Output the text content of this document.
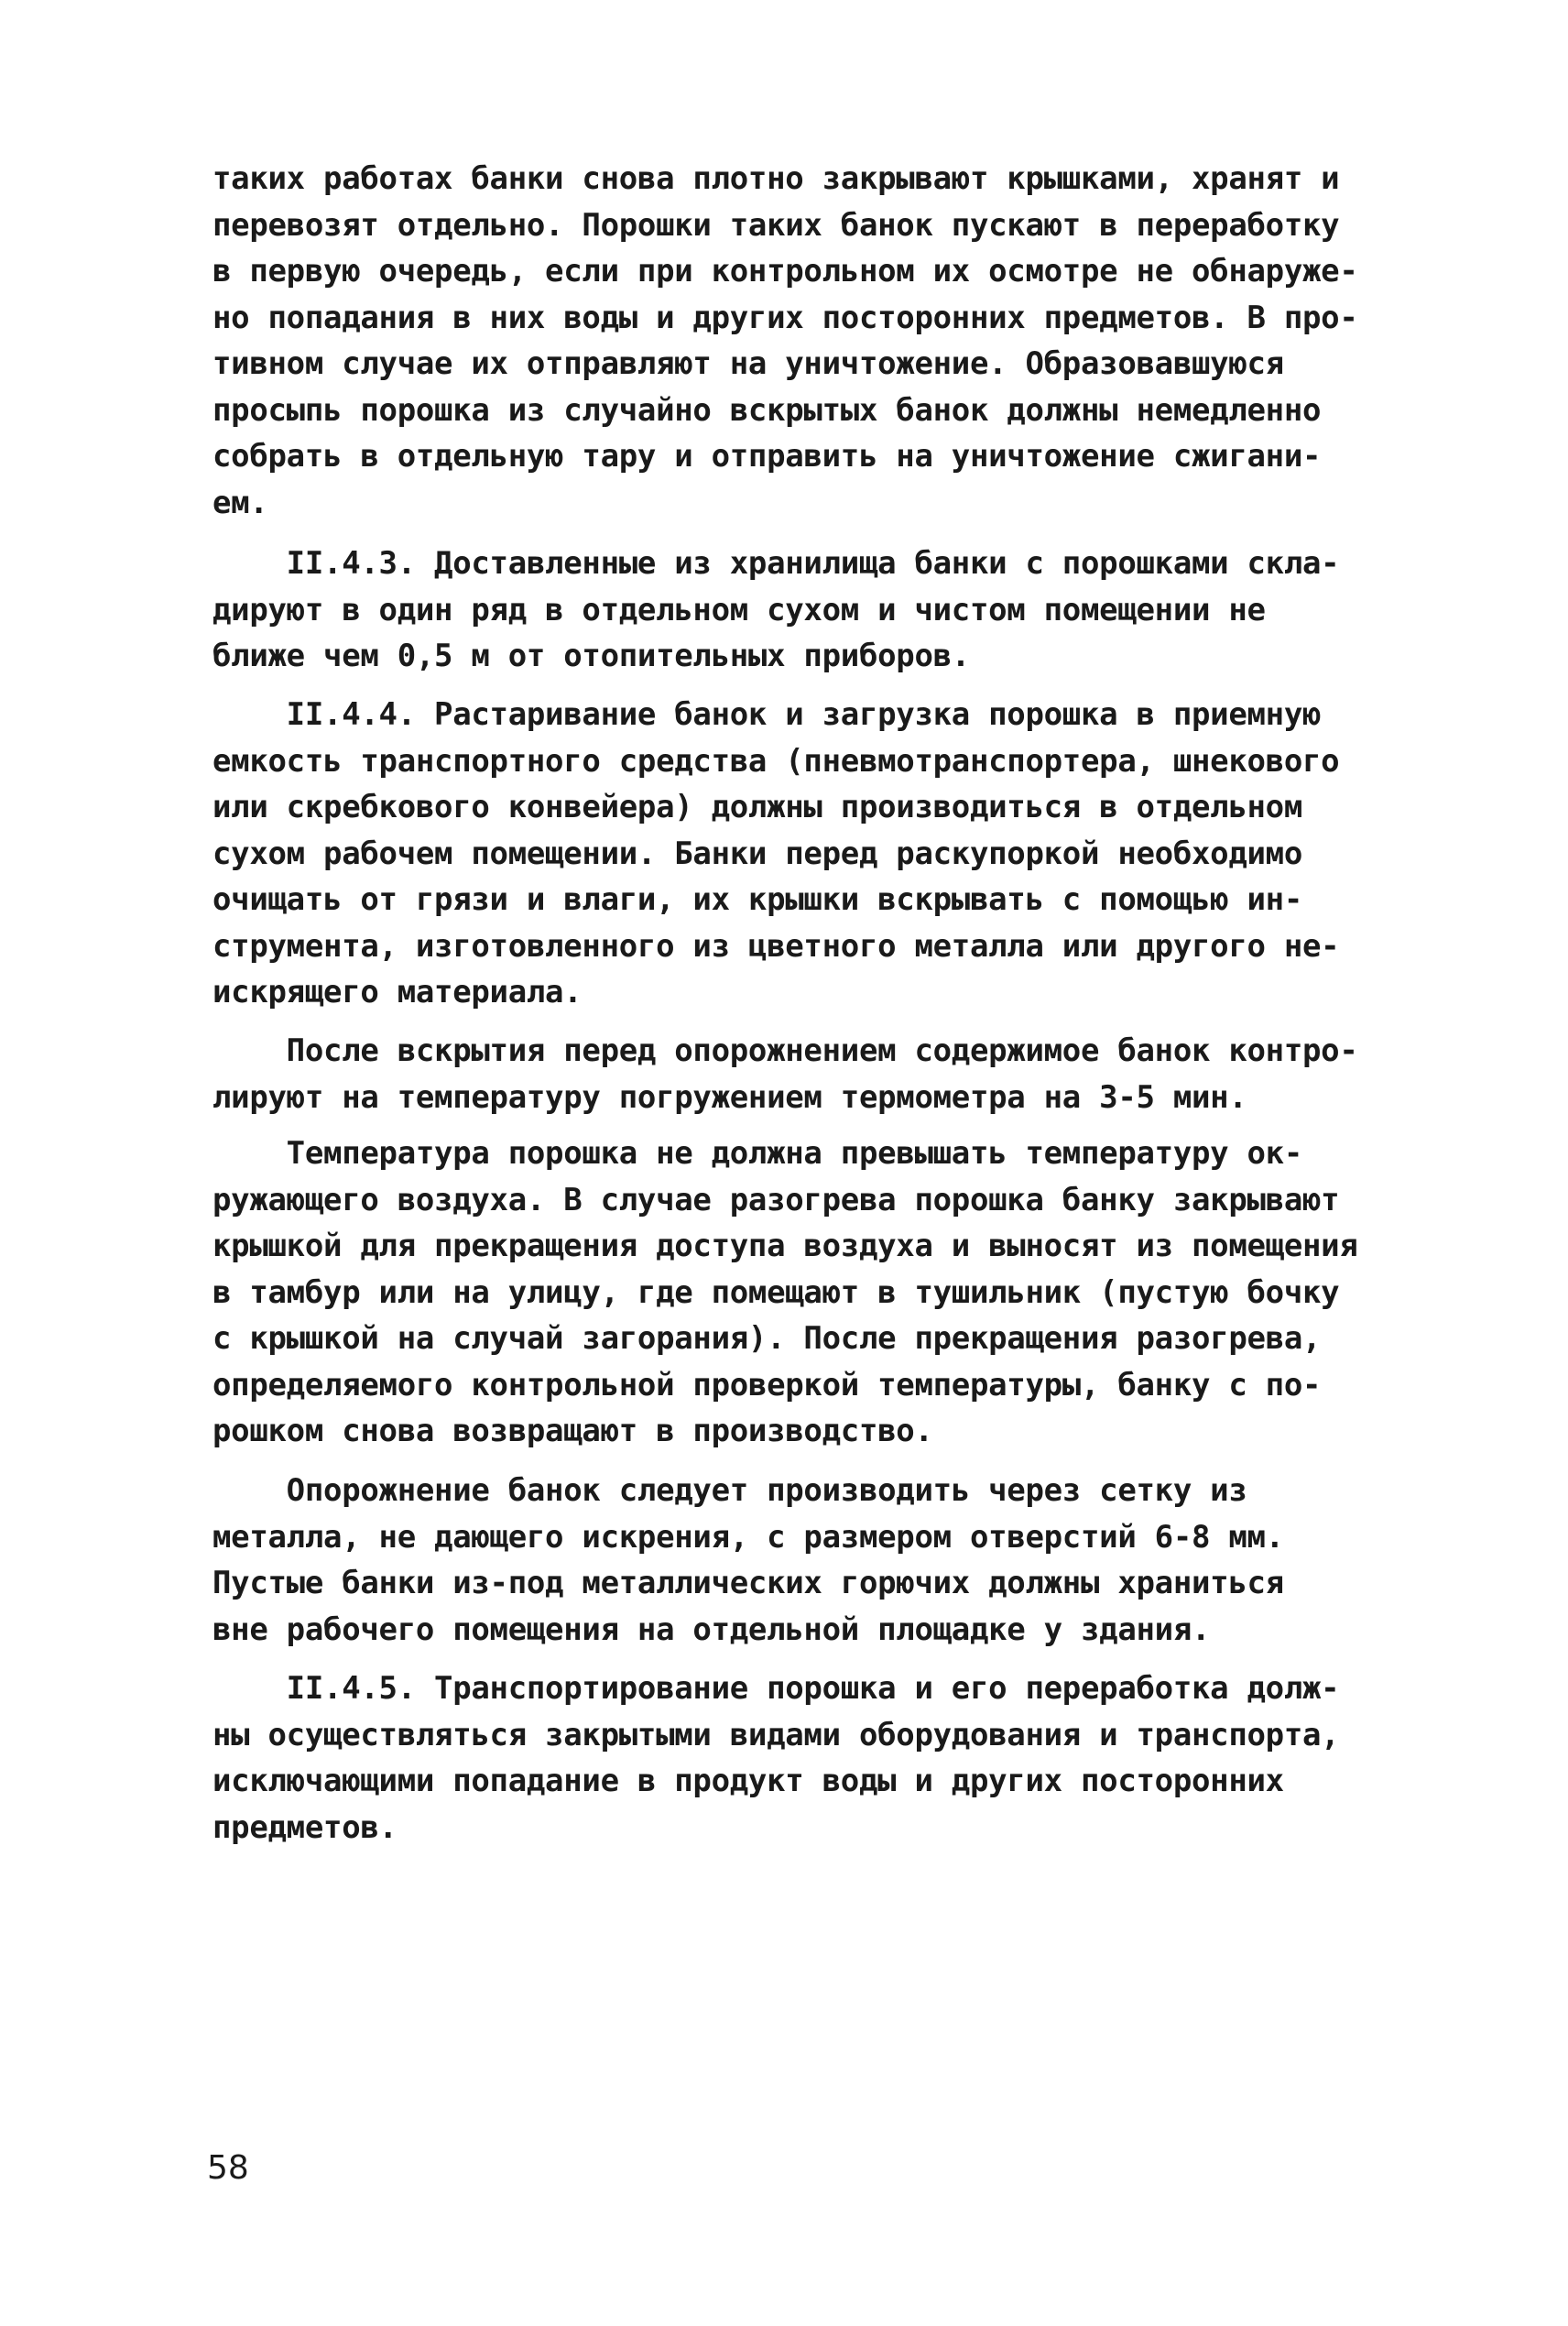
таких работах банки снова плотно закрывают крышками, хранят и
перевозят отдельно. Порошки таких банок пускают в переработку
в первую очередь, если при контрольном их осмотре не обнаруже-
но попадания в них воды и других посторонних предметов. В про-
тивном случае их отправляют на уничтожение. Образовавшуюся
просыпь порошка из случайно вскрытых банок должны немедленно
собрать в отдельную тару и отправить на уничтожение сжигани-
ем.
II.4.3. Доставленные из хранилища банки с порошками скла-
дируют в один ряд в отдельном сухом и чистом помещении не
ближе чем 0,5 м от отопительных приборов.
II.4.4. Растаривание банок и загрузка порошка в приемную
емкость транспортного средства (пневмотранспортера, шнекового
или скребкового конвейера) должны производиться в отдельном
сухом рабочем помещении. Банки перед раскупоркой необходимо
очищать от грязи и влаги, их крышки вскрывать с помощью ин-
струмента, изготовленного из цветного металла или другого не-
искрящего материала.
После вскрытия перед опорожнением содержимое банок контро-
лируют на температуру погружением термометра на 3-5 мин.
Температура порошка не должна превышать температуру ок-
ружающего воздуха. В случае разогрева порошка банку закрывают
крышкой для прекращения доступа воздуха и выносят из помещения
в тамбур или на улицу, где помещают в тушильник (пустую бочку
с крышкой на случай загорания). После прекращения разогрева,
определяемого контрольной проверкой температуры, банку с по-
рошком снова возвращают в производство.
Опорожнение банок следует производить через сетку из
металла, не дающего искрения, с размером отверстий 6-8 мм.
Пустые банки из-под металлических горючих должны храниться
вне рабочего помещения на отдельной площадке у здания.
II.4.5. Транспортирование порошка и его переработка долж-
ны осуществляться закрытыми видами оборудования и транспорта,
исключающими попадание в продукт воды и других посторонних
предметов.
58
